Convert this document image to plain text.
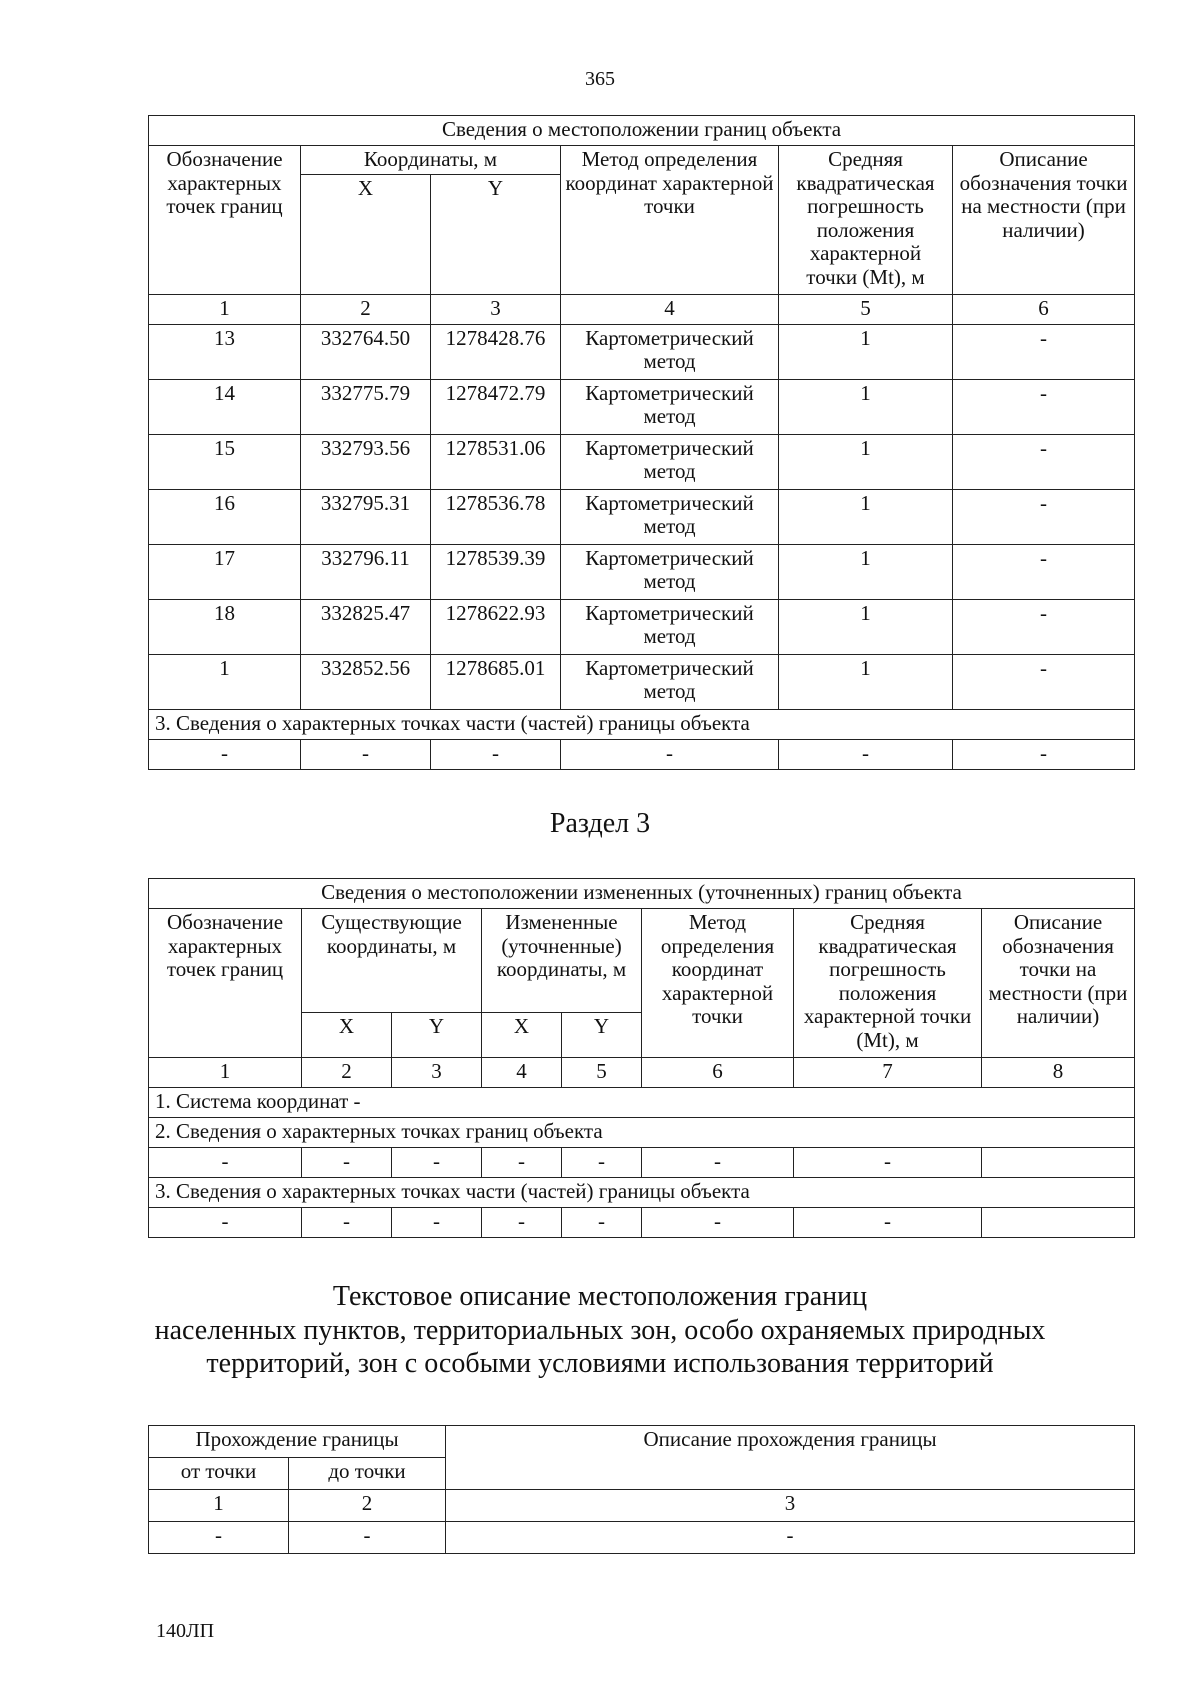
365
Сведения о местоположении границ объекта					
Обозначение характерных точек границ	Координаты, м		Метод определения координат характерной точки	Средняя квадратическая погрешность положения характерной точки (Mt), м	Описание обозначения точки на местности (при наличии)
	X	Y			
1	2	3	4	5	6
13	332764.50	1278428.76	Картометрический метод	1	-
14	332775.79	1278472.79	Картометрический метод	1	-
15	332793.56	1278531.06	Картометрический метод	1	-
16	332795.31	1278536.78	Картометрический метод	1	-
17	332796.11	1278539.39	Картометрический метод	1	-
18	332825.47	1278622.93	Картометрический метод	1	-
1	332852.56	1278685.01	Картометрический метод	1	-
3. Сведения о характерных точках части (частей) границы объекта					
-	-	-	-	-	-
Раздел 3
Сведения о местоположении измененных (уточненных) границ объекта							
Обозначение характерных точек границ	Существующие координаты, м		Измененные (уточненные) координаты, м		Метод определения координат характерной точки	Средняя квадратическая погрешность положения характерной точки (Mt), м	Описание обозначения точки на местности (при наличии)
	X	Y	X	Y			
1	2	3	4	5	6	7	8
1. Система координат -							
2. Сведения о характерных точках границ объекта							
-	-	-	-	-	-	-	
3. Сведения о характерных точках части (частей) границы объекта							
-	-	-	-	-	-	-	
Текстовое описание местоположения границ
населенных пунктов, территориальных зон, особо охраняемых природных
территорий, зон с особыми условиями использования территорий
Прохождение границы		Описание прохождения границы
от точки	до точки	
1	2	3
-	-	-
140ЛП
